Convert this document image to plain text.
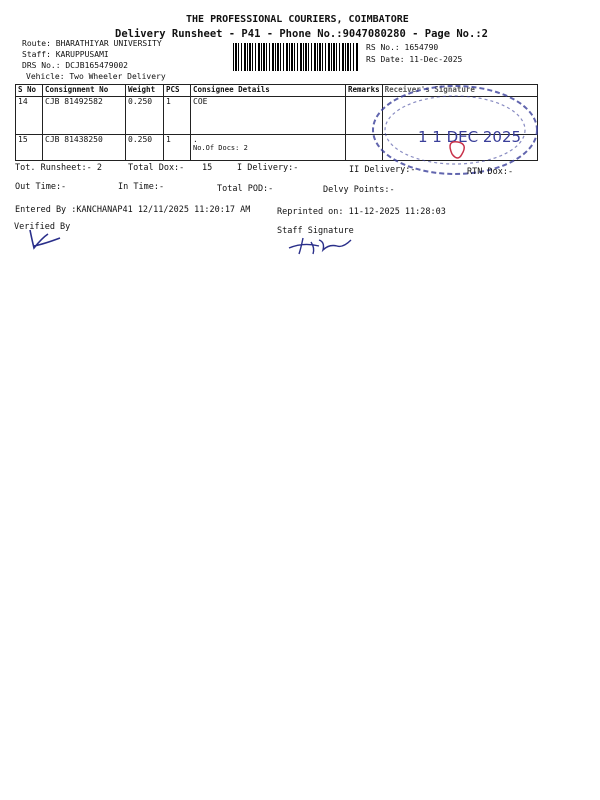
THE PROFESSIONAL COURIERS, COIMBATORE
Delivery Runsheet - P41 - Phone No.:9047080280 - Page No.:2
Route: BHARATHIYAR UNIVERSITY
Staff: KARUPPUSAMI
DRS No.: DCJB165479002
Vehicle: Two Wheeler Delivery
RS No.: 1654790
RS Date: 11-Dec-2025
S No	Consignment No	Weight	PCS	Consignee Details	Remarks	Receiver's Signature
14	CJB 81492582	0.250	1	COE		

15	CJB 81438250	0.250	1	.
No.Of Docs: 2		

1 1 DEC 2025
Tot. Runsheet:- 2	Total Dox:- 15	I Delivery:-	II Delivery:-	RTN Dox:-
Out Time:-	In Time:-	Total POD:-	Delvy Points:-
Entered By :KANCHANAP41 12/11/2025 11:20:17 AM	Reprinted on: 11-12-2025 11:28:03
Verified By	Staff Signature
